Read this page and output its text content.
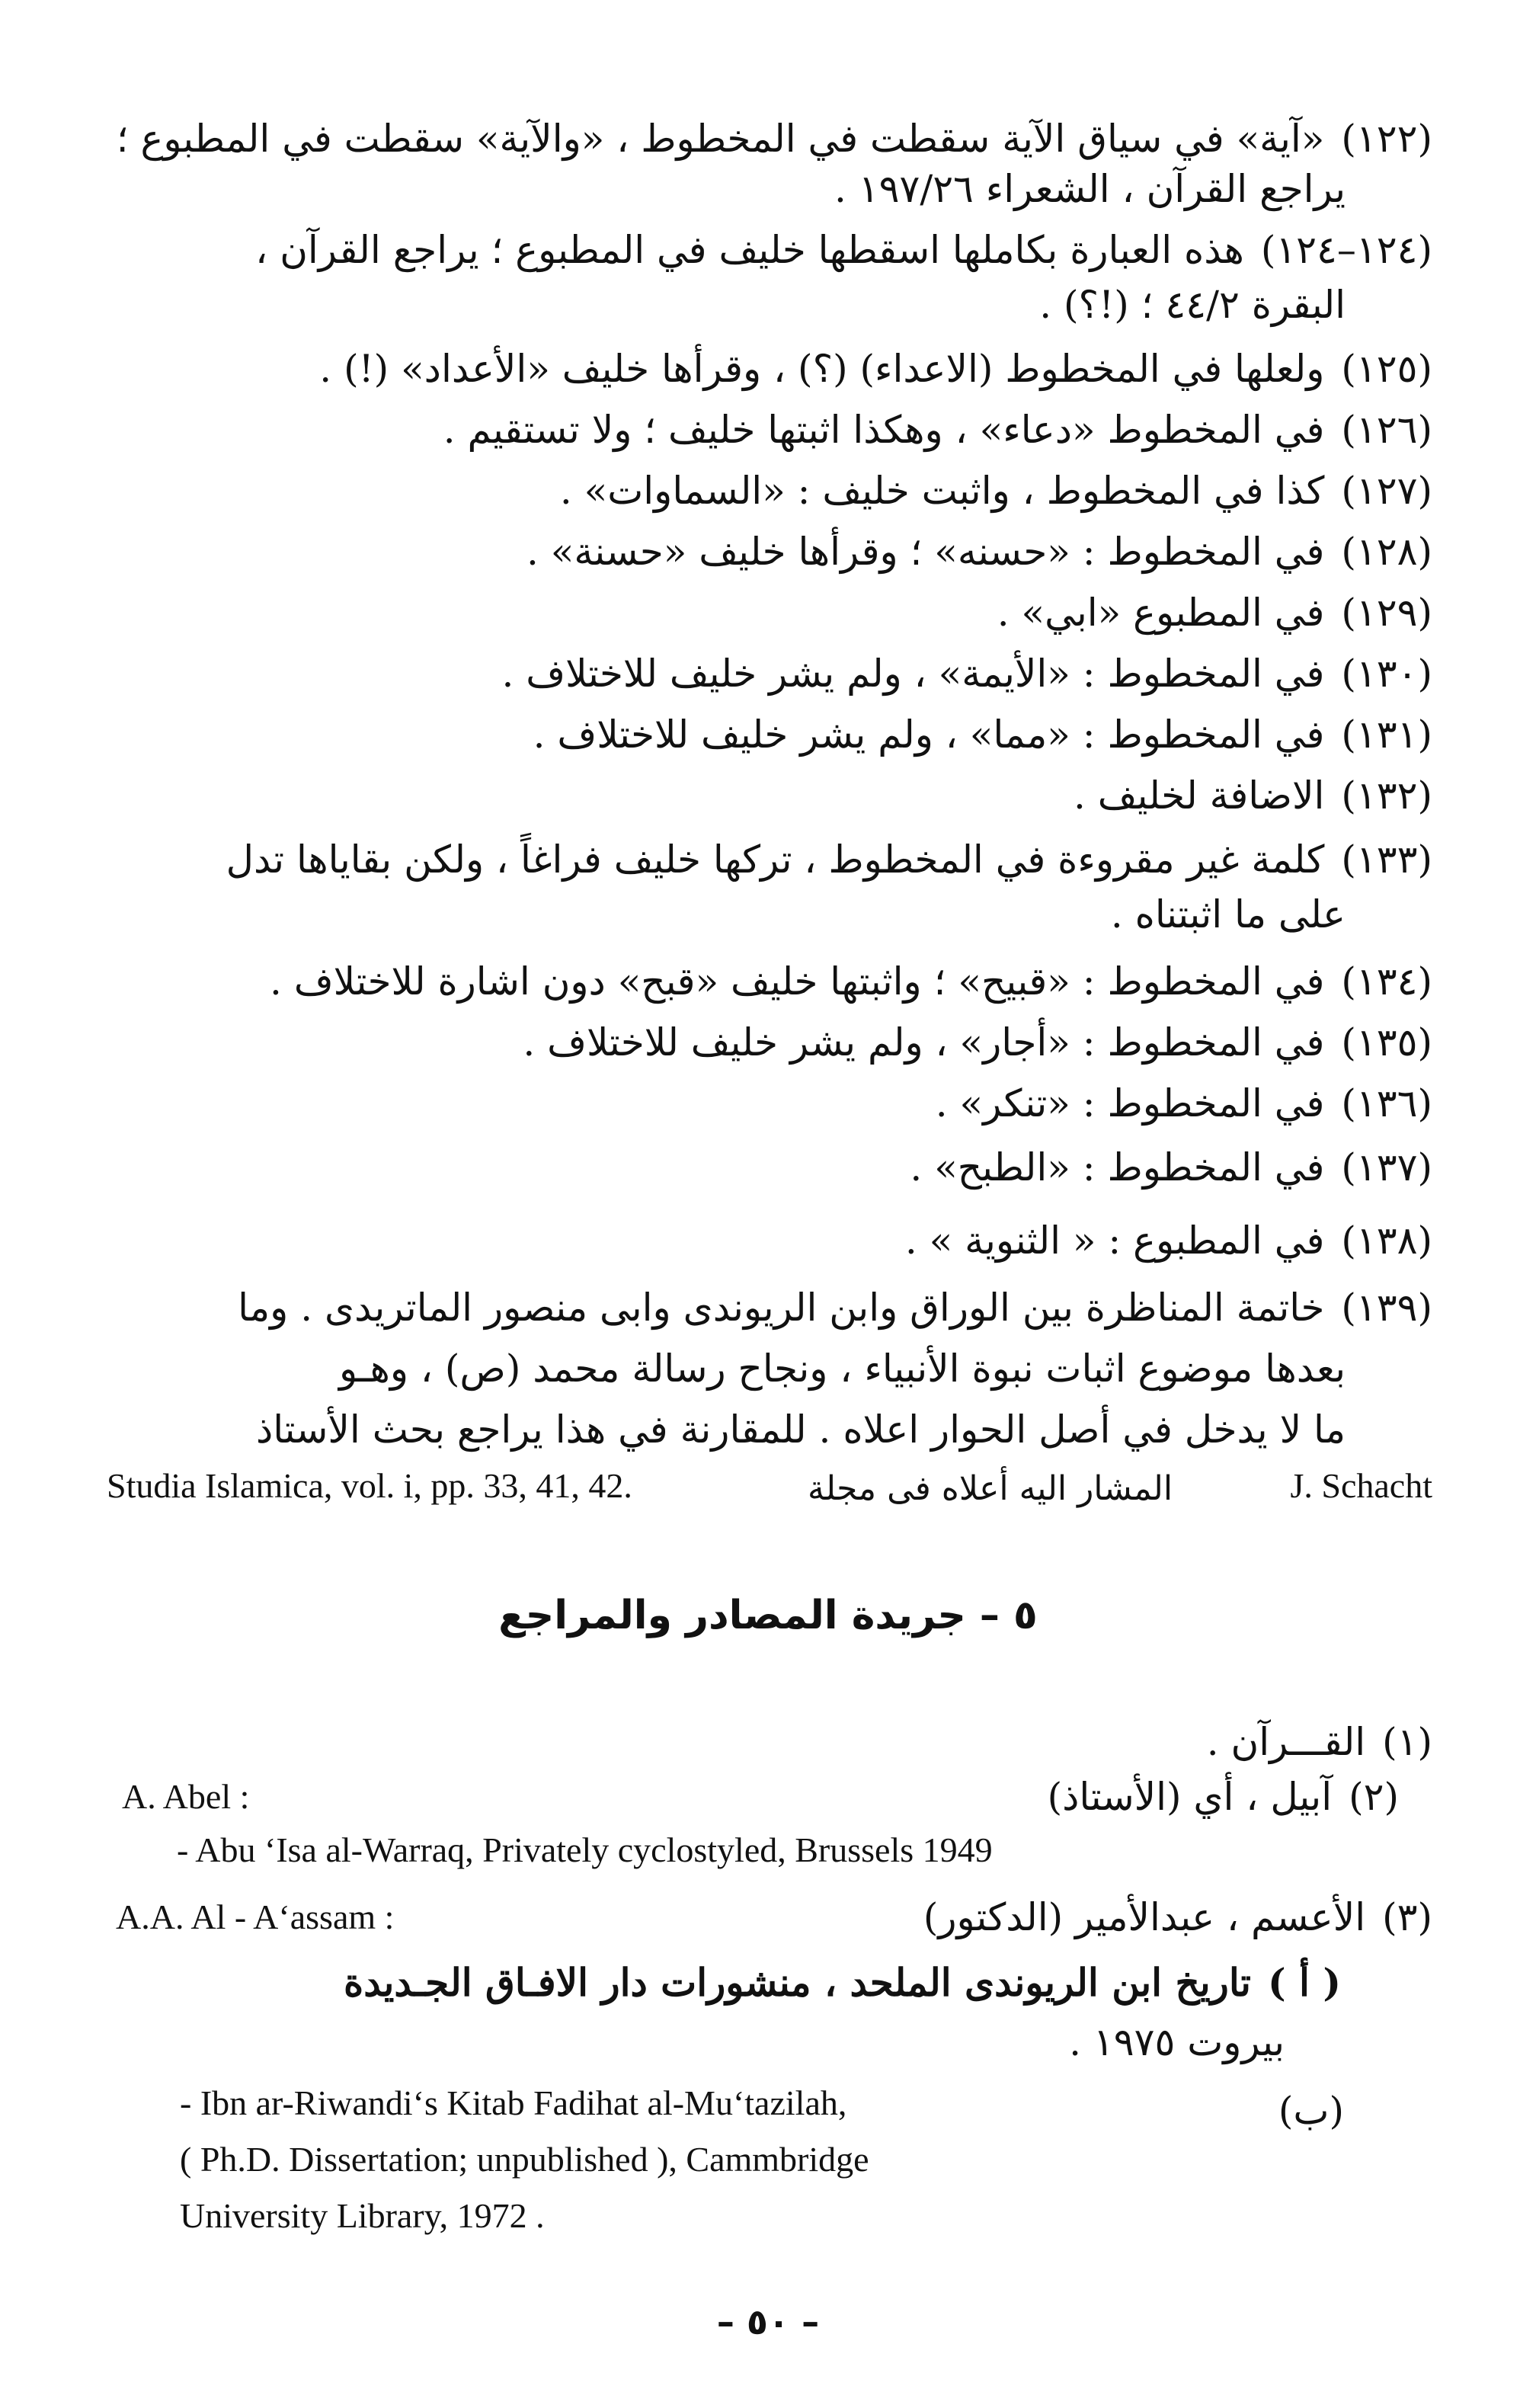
(١٢٢)«آية» في سياق الآية سقطت في المخطوط ، «والآية» سقطت في المطبوع ؛
يراجع القرآن ، الشعراء ١٩٧/٢٦ .
(١٢٤–١٢٤)هذه العبارة بكاملها اسقطها خليف في المطبوع ؛ يراجع القرآن ،
البقرة ٤٤/٢ ؛ (!؟) .
(١٢٥)ولعلها في المخطوط (الاعداء) (؟) ، وقرأها خليف «الأعداد» (!) .
(١٢٦)في المخطوط «دعاء» ، وهكذا اثبتها خليف ؛ ولا تستقيم .
(١٢٧)كذا في المخطوط ، واثبت خليف : «السماوات» .
(١٢٨)في المخطوط : «حسنه» ؛ وقرأها خليف «حسنة» .
(١٢٩)في المطبوع «ابي» .
(١٣٠)في المخطوط : «الأيمة» ، ولم يشر خليف للاختلاف .
(١٣١)في المخطوط : «مما» ، ولم يشر خليف للاختلاف .
(١٣٢)الاضافة لخليف .
(١٣٣)كلمة غير مقروءة في المخطوط ، تركها خليف فراغاً ، ولكن بقاياها تدل
على ما اثبتناه .
(١٣٤)في المخطوط : «قبيح» ؛ واثبتها خليف «قبح» دون اشارة للاختلاف .
(١٣٥)في المخطوط : «أجار» ، ولم يشر خليف للاختلاف .
(١٣٦)في المخطوط : «تنكر» .
(١٣٧)في المخطوط : «الطبح» .
(١٣٨)في المطبوع : « الثنوية » .
(١٣٩)خاتمة المناظرة بين الوراق وابن الريوندى وابى منصور الماتريدى . وما
بعدها موضوع اثبات نبوة الأنبياء ، ونجاح رسالة محمد (ص) ، وهـو
ما لا يدخل في أصل الحوار اعلاه . للمقارنة في هذا يراجع بحث الأستاذ
Studia Islamica, vol. i, pp. 33, 41, 42.	المشار اليه أعلاه فى مجلة	J. Schacht
٥ – جريدة المصادر والمراجع
(١)القـــرآن .
(٢)آبيل ، أي (الأستاذ)
A. Abel :
- Abu ‘Isa al-Warraq, Privately cyclostyled, Brussels 1949
(٣)الأعسم ، عبدالأمير (الدكتور)
A.A. Al - A‘assam :
( أ )تاريخ ابن الريوندى الملحد ، منشورات دار الافـاق الجـديدة
بيروت ١٩٧٥ .
(ب)
- Ibn ar-Riwandi‘s Kitab Fadihat al-Mu‘tazilah,
( Ph.D. Dissertation; unpublished ), Cammbridge
University Library, 1972 .
– ٥٠ –
